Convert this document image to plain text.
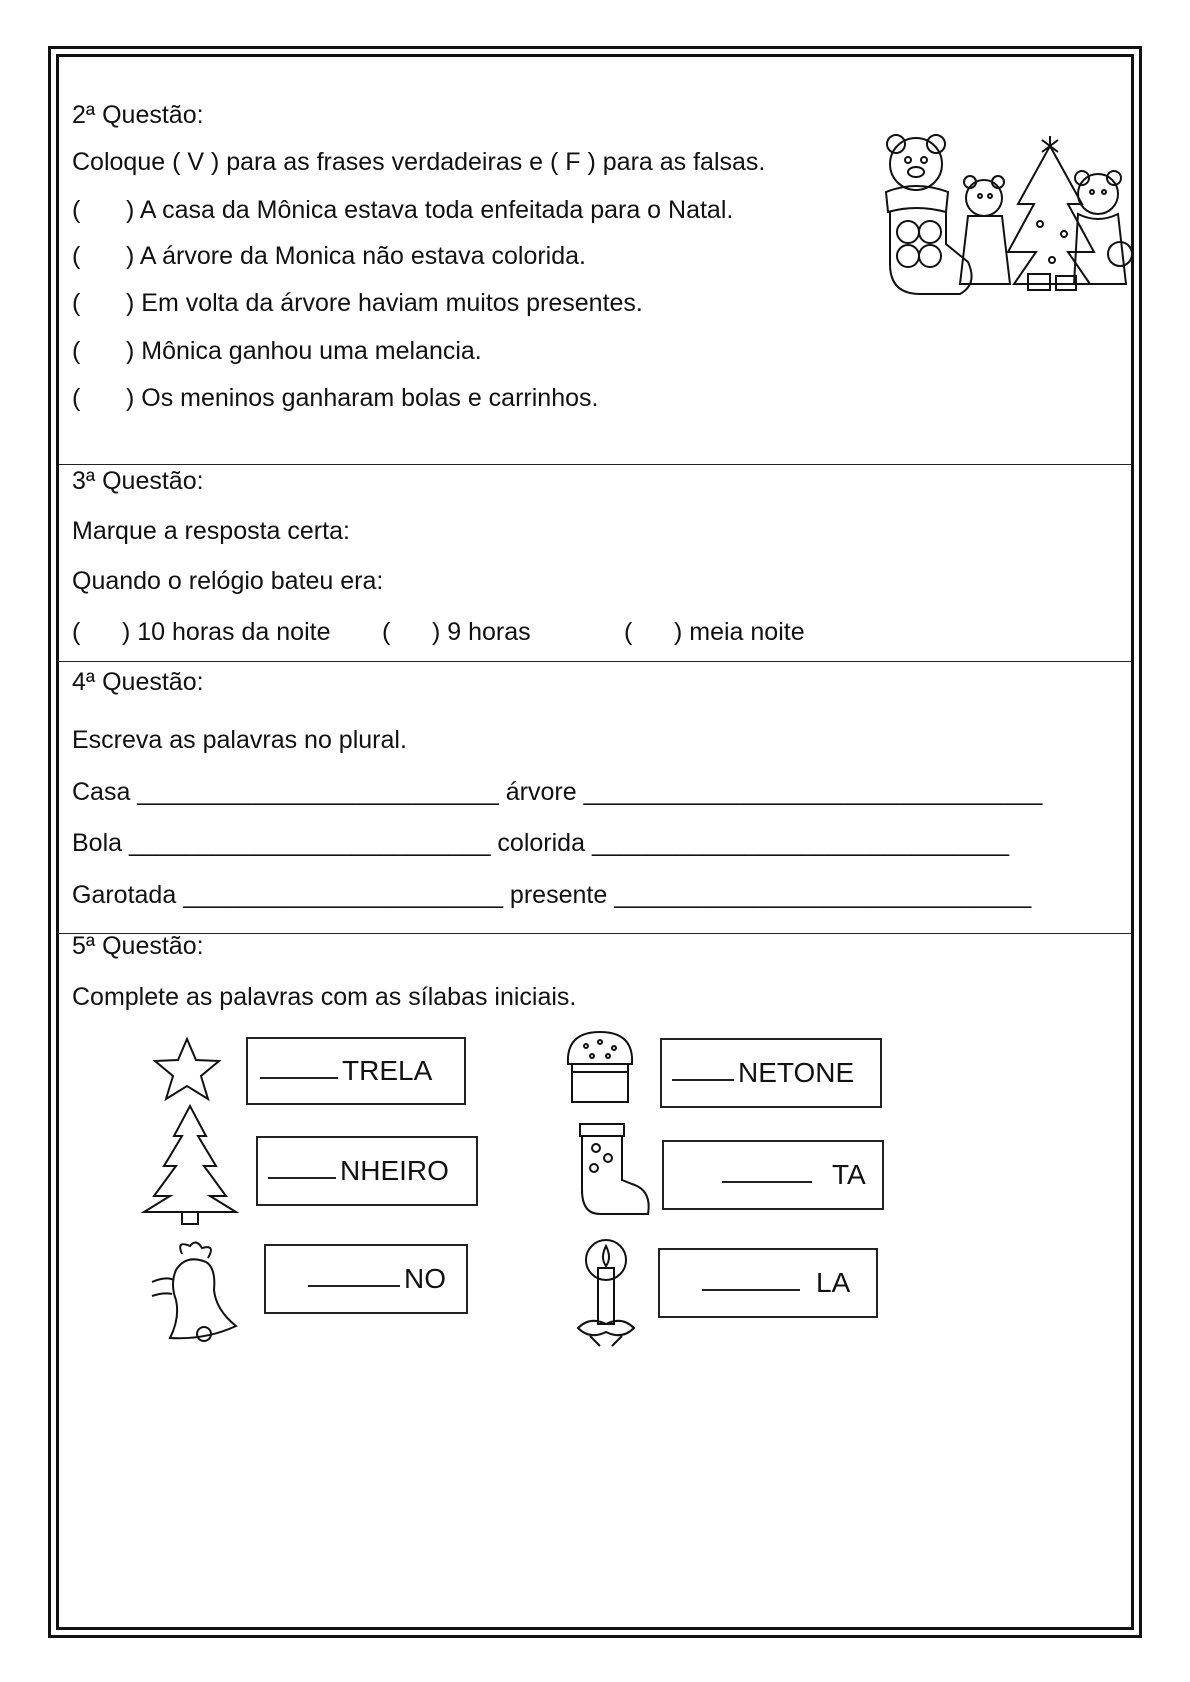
2ª Questão:
Coloque ( V ) para as frases verdadeiras e ( F ) para as falsas.
( ) A casa da Mônica estava toda enfeitada para o Natal.
( ) A árvore da Monica não estava colorida.
( ) Em volta da árvore haviam muitos presentes.
( ) Mônica ganhou uma melancia.
( ) Os meninos ganharam bolas e carrinhos.
3ª Questão:
Marque a resposta certa:
Quando o relógio bateu era:
(      ) 10 horas da noite (      ) 9 horas	(      ) meia noite
4ª Questão:
Escreva as palavras no plural.
Casa __________________________ árvore _________________________________
Bola __________________________ colorida ______________________________
Garotada _______________________ presente ______________________________
5ª Questão:
Complete as palavras com as sílabas iniciais.
TRELA	NETONE
NHEIRO	TA
NO	LA
